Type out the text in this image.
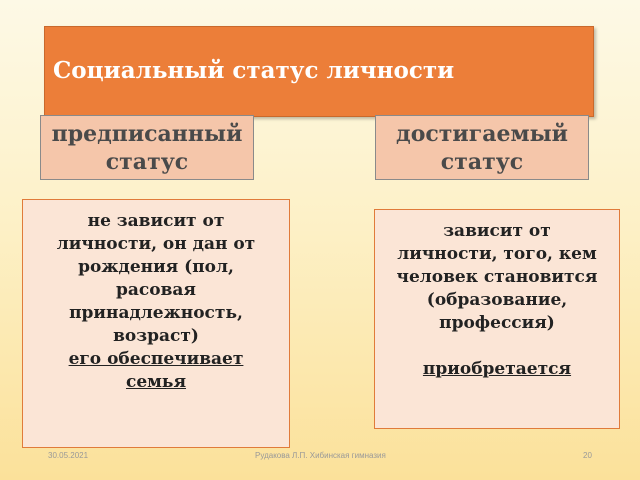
Социальный статус личности
предписанный
статус
достигаемый
статус

не зависит от

личности, он дан от

рождения (пол,

расовая

принадлежность,

возраст)

его обеспечивает

семья

зависит от

личности, того, кем

человек становится

(образование,

профессия)

приобретается

30.05.2021	Рудакова Л.П. Хибинская гимназия	20
